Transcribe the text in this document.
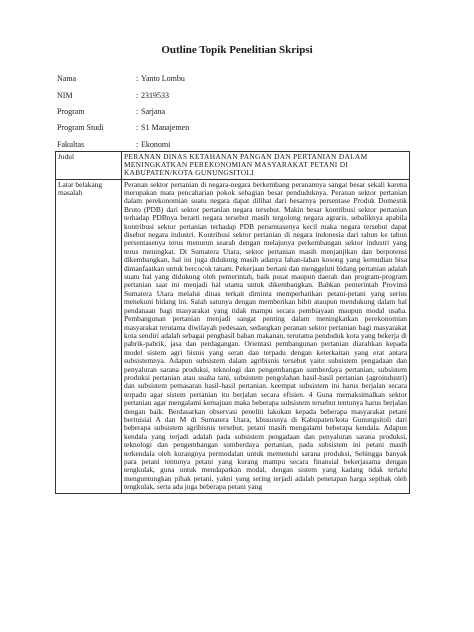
Outline Topik Penelitian Skripsi
Nama	: Yanto Lombu
NIM	: 2319533
Program	: Sarjana
Program Studi	: S1 Manajemen
Fakultas	: Ekonomi
Judul	PERANAN DINAS KETAHANAN PANGAN DAN PERTANIAN DALAM MENINGKATKAN PEREKONOMIAN MASYARAKAT PETANI DI KABUPATEN/KOTA GUNUNGSITOLI
Latar belakang masalah	Peranan sektor pertanian di negara-negara berkembang peranannya sangat besar sekali karena merupakan mata pencaharian pokok sebagian besar penduduknya. Peranan sektor pertanian dalam perekonomian suatu negara dapat dilihat dari besarnya persentase Produk Domestik Bruto (PDB) dari sektor pertanian negara tersebut. Makin besar kontribusi sektor pertanian terhadap PDBnya berarti negara tersebut masih tergolong negara agraris, sebaliknya apabila kontribusi sektor pertanian terhadap PDB persentasenya kecil maka negara tersebut dapat disebut negara industri. Kontribusi sektor pertanian di negara indonesia dari tahun ke tahun persentasenya terus menurun searah dengan melajunya perkembangan sektor industri yang terus meningkat. Di Sumatera Utara, sektor pertanian masih menjanjikan dan berpotensi dikembangkan, hal ini juga didukung masih adanya lahan-lahan kosong yang kemudian bisa dimanfaatkan untuk bercocok tanam. Pekerjaan bertani dan menggeluti bidang pertanian adalah suatu hal yang didukung oleh pemerintah, baik pusat maupun daerah dan program-program pertanian saat ini menjadi hal utama untuk dikembangkan. Bahkan pemerintah Provinsi Sumatera Utara melalui dinas terkait diminta memperhatikan petani-petani yang serius menekuni bidang ini. Salah satunya dengan memberikan bibit ataupun mendukung dalam hal pendanaan bagi masyarakat yang tidak mampu secara pembiayaan maupun modal usaha. Pembangunan pertanian menjadi sangat penting dalam meningkatkan perekonomian masyarakat terutama diwilayah pedesaan, sedangkan peranan sektor pertanian bagi masyarakat kota sendiri adalah sebagai penghasil bahan makanan, terutama penduduk kota yang bekerja di pabrik-pabrik, jasa dan perdagangan. Orientasi pembangunan pertanian diarahkan kepada model sistem agri bisnis yang seran dan terpadu dengan keterkaitan yang erat antara subsistemnya. Adapun subsistem dalam agribisnis tersebut yaitu subsistem pengadaan dan penyaluran sarana produksi, teknologi dan pengembangan sumberdaya pertanian, subsistem produksi pertanian atau usaha tani, subsistem pengolahan hasil-hasil pertanian (agroindustri) dan subsistem pemasaran hasil-hasil pertanian. keempat subsistem ini harus berjalan secara terpadu agar sistem pertanian itu berjalan secara efisien. 4 Guna memaksimalkan sektor pertanian agar mengalami kemajuan maka beberapa subsistem tersebut tentunya harus berjalan dengan baik. Berdasarkan observasi peneliti lakukan kepada beberapa masyarakat petani berinisial A dan M di Sumatera Utara, khususnya di Kabupaten/kota Gunungsitoli dari beberapa subsistem agribisnis tersebut, petani masih mengalami beberapa kendala. Adapun kendala yang terjadi adalah pada subsistem pengadaan dan penyaluran sarana produksi, teknologi dan pengembangan sumberdaya pertanian, pada subsistem ini petani masih terkendala oleh kurangnya permodalan untuk memenuhi sarana produksi, Sehingga banyak para petani tentunya petani yang kurang mampu secara finansial bekerjasama dengan tengkulak, guna untuk mendapatkan modal, dengan sistem yang kadang tidak terlalu menguntungkan pihak petani, yakni yang sering terjadi adalah penetapan harga sepihak oleh tengkulak, serta ada juga beberapa petani yang
